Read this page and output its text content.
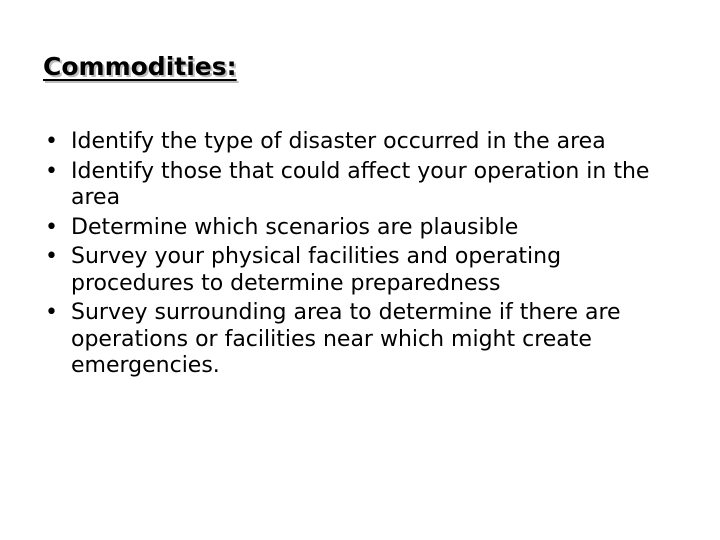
Commodities:
• Identify the type of disaster occurred in the area
• Identify those that could affect your operation in the area
• Determine which scenarios are plausible
• Survey your physical facilities and operating procedures to determine preparedness
• Survey surrounding area to determine if there are operations or facilities near which might create emergencies.
